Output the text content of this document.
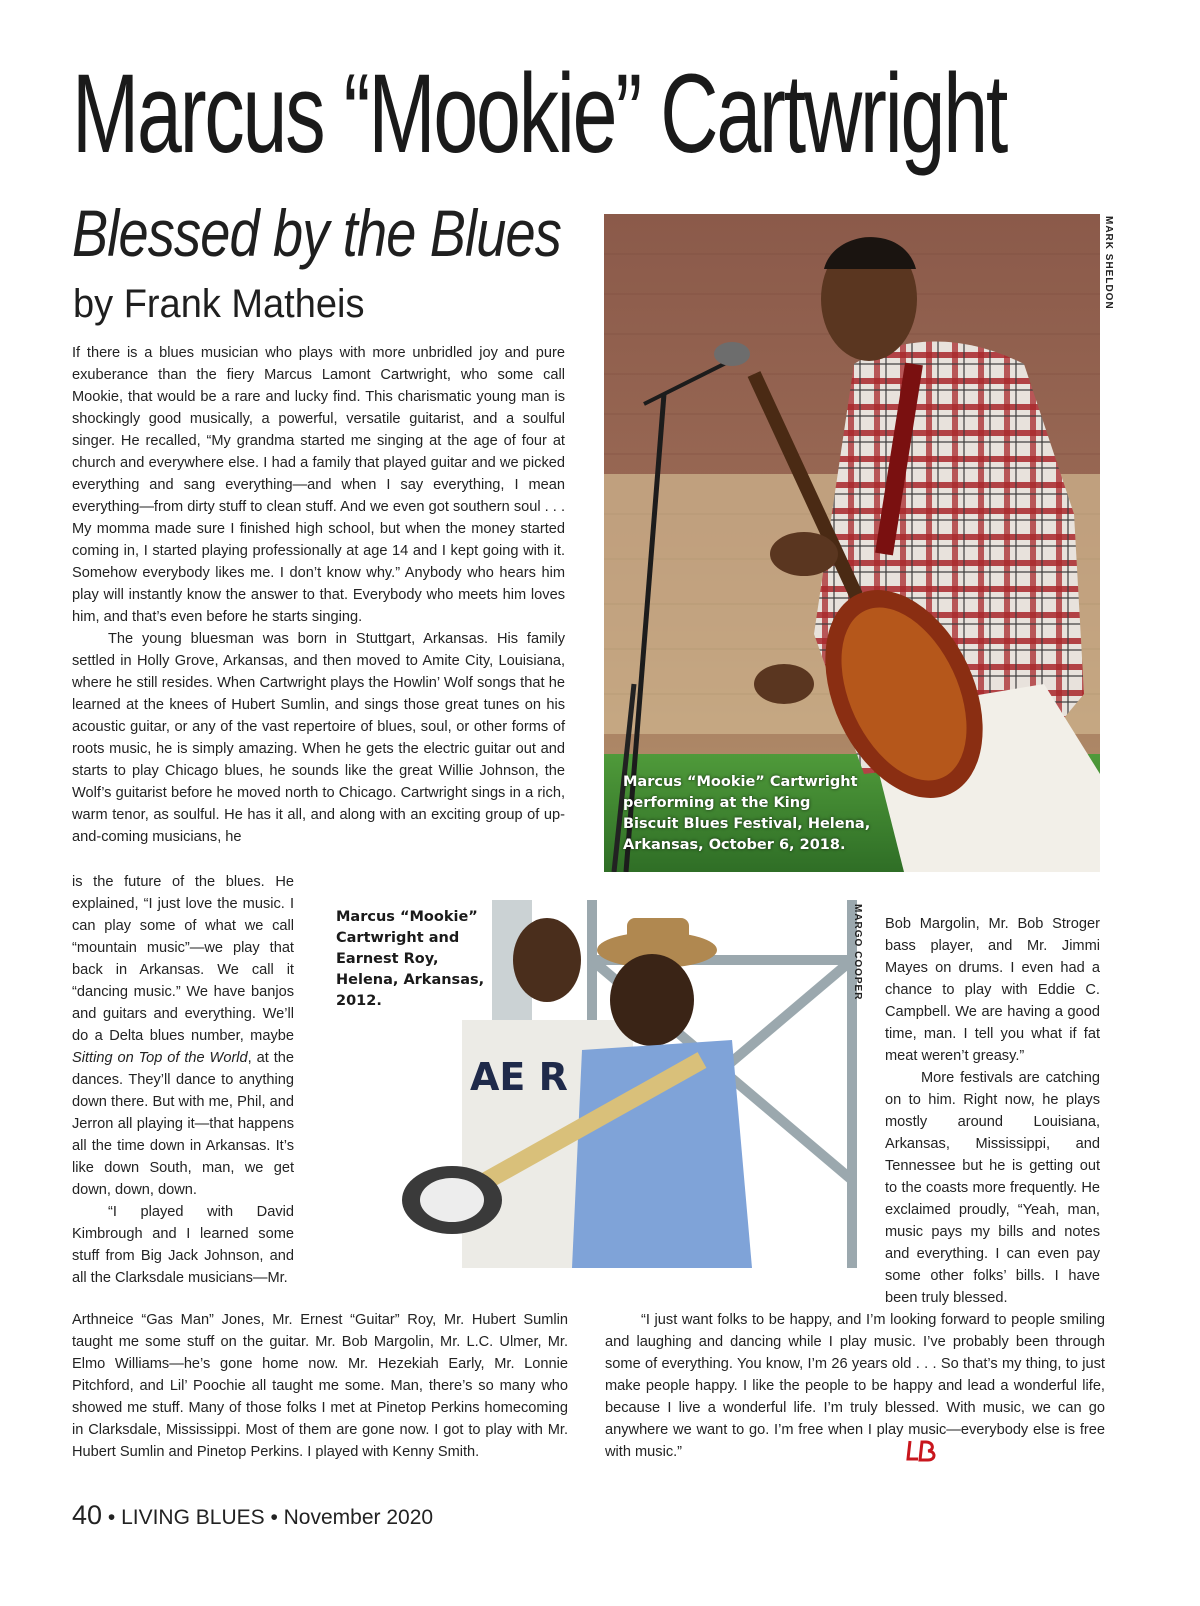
Marcus “Mookie” Cartwright
Blessed by the Blues
by Frank Matheis

If there is a blues musician who plays with more unbridled joy and pure exuberance than the fiery Marcus Lamont Cartwright, who some call Mookie, that would be a rare and lucky find. This charismatic young man is shockingly good musically, a powerful, versatile guitarist, and a soulful singer. He recalled, “My grandma started me singing at the age of four at church and everywhere else. I had a family that played guitar and we picked everything and sang everything—and when I say everything, I mean everything—from dirty stuff to clean stuff. And we even got southern soul . . . My momma made sure I finished high school, but when the money started coming in, I started playing professionally at age 14 and I kept going with it. Somehow everybody likes me. I don’t know why.” Anybody who hears him play will instantly know the answer to that. Everybody who meets him loves him, and that’s even before he starts singing.

The young bluesman was born in Stuttgart, Arkansas. His family settled in Holly Grove, Arkansas, and then moved to Amite City, Louisiana, where he still resides. When Cartwright plays the Howlin’ Wolf songs that he learned at the knees of Hubert Sumlin, and sings those great tunes on his acoustic guitar, or any of the vast repertoire of blues, soul, or other forms of roots music, he is simply amazing. When he gets the electric guitar out and starts to play Chicago blues, he sounds like the great Willie Johnson, the Wolf’s guitarist before he moved north to Chicago. Cartwright sings in a rich, warm tenor, as soulful. He has it all, and along with an exciting group of up-and-coming musicians, he

is the future of the blues. He explained, “I just love the music. I can play some of what we call “mountain music”—we play that back in Arkansas. We call it “dancing music.” We have banjos and guitars and everything. We’ll do a Delta blues number, maybe Sitting on Top of the World, at the dances. They’ll dance to anything down there. But with me, Phil, and Jerron all playing it—that happens all the time down in Arkansas. It’s like down South, man, we get down, down, down.

“I played with David Kimbrough and I learned some stuff from Big Jack Johnson, and all the Clarksdale musicians—Mr.

Arthneice “Gas Man” Jones, Mr. Ernest “Guitar” Roy, Mr. Hubert Sumlin taught me some stuff on the guitar. Mr. Bob Margolin, Mr. L.C. Ulmer, Mr. Elmo Williams—he’s gone home now. Mr. Hezekiah Early, Mr. Lonnie Pitchford, and Lil’ Poochie all taught me some. Man, there’s so many who showed me stuff. Many of those folks I met at Pinetop Perkins homecoming in Clarksdale, Mississippi. Most of them are gone now. I got to play with Mr. Hubert Sumlin and Pinetop Perkins. I played with Kenny Smith.

Bob Margolin, Mr. Bob Stroger bass player, and Mr. Jimmi Mayes on drums. I even had a chance to play with Eddie C. Campbell. We are having a good time, man. I tell you what if fat meat weren’t greasy.”

More festivals are catching on to him. Right now, he plays mostly around Louisiana, Arkansas, Mississippi, and Tennessee but he is getting out to the coasts more frequently. He exclaimed proudly, “Yeah, man, music pays my bills and notes and everything. I can even pay some other folks’ bills. I have been truly blessed.

“I just want folks to be happy, and I’m looking forward to people smiling and laughing and dancing while I play music. I’ve probably been through some of everything. You know, I’m 26 years old . . . So that’s my thing, to just make people happy. I like the people to be happy and lead a wonderful life, because I live a wonderful life. I’m truly blessed. With music, we can go anywhere we want to go. I’m free when I play music—everybody else is free with music.”

Marcus “Mookie” Cartwright
performing at the King
Biscuit Blues Festival, Helena,
Arkansas, October 6, 2018.
MARK SHELDON
AE R
Marcus “Mookie”
Cartwright and
Earnest Roy,
Helena, Arkansas,
2012.
MARGO COOPER
40 • LIVING BLUES • November 2020
